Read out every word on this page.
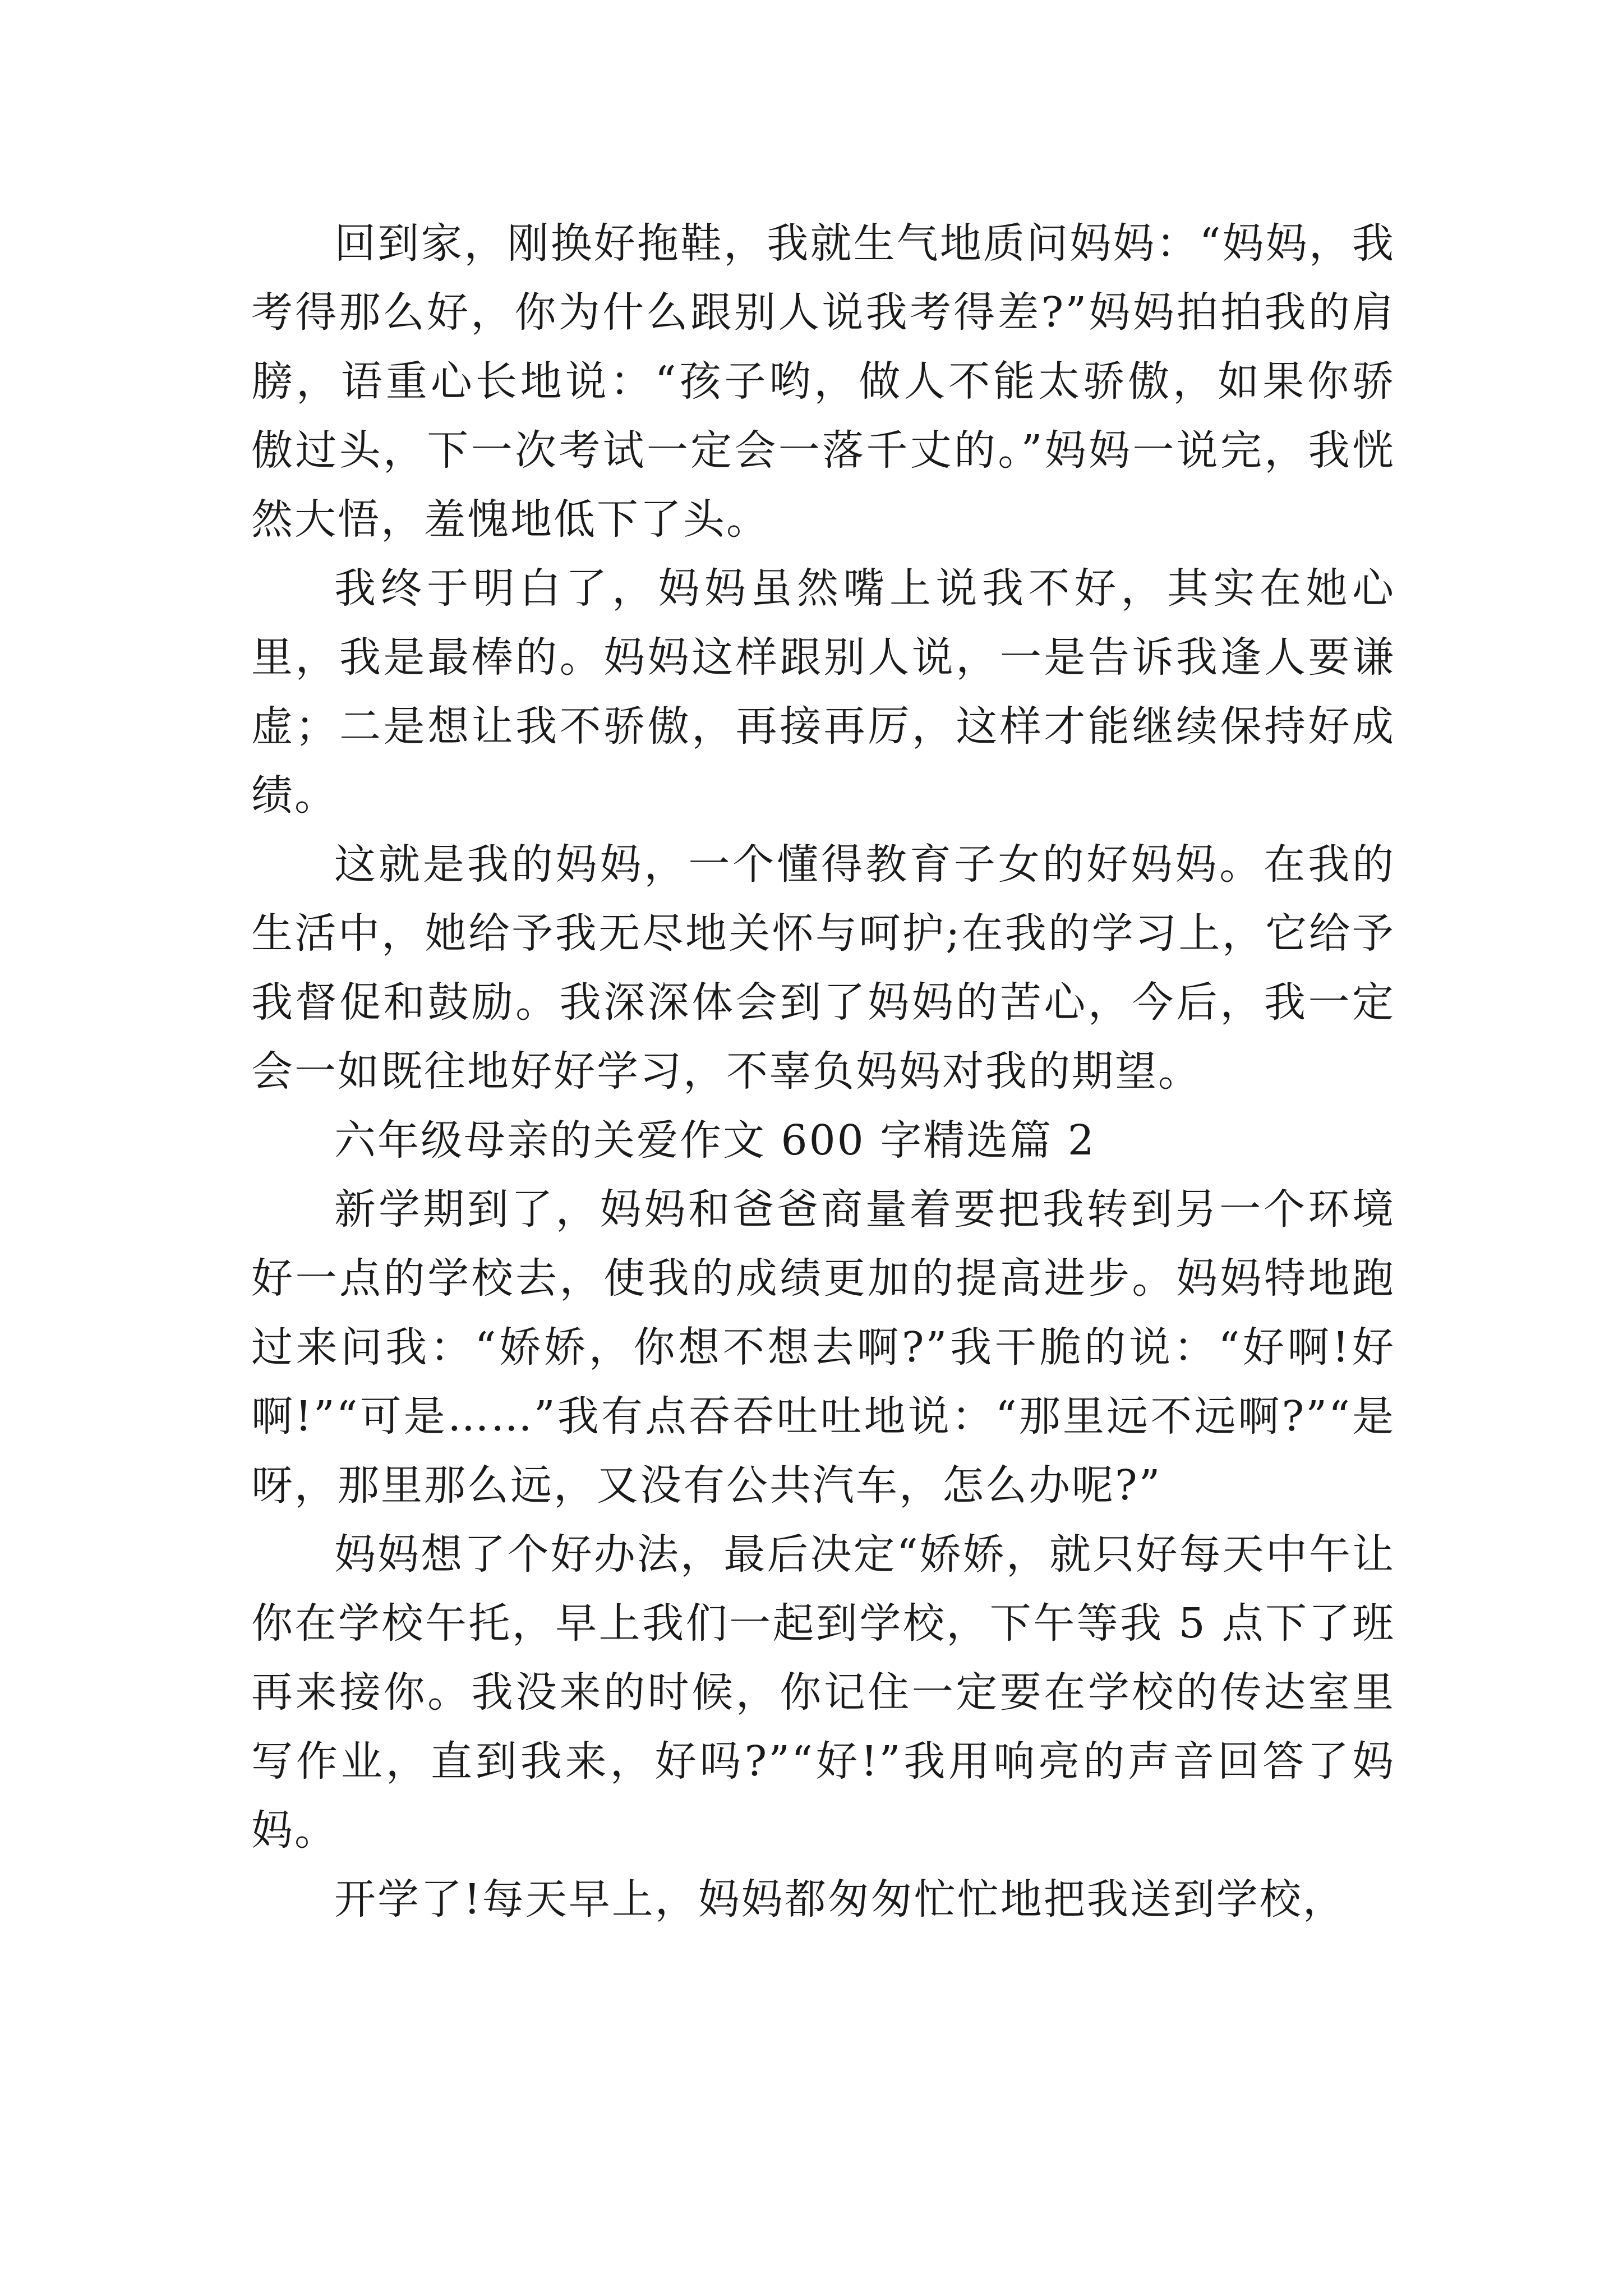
回到家，刚换好拖鞋，我就生气地质问妈妈：“妈妈，我考得那么好，你为什么跟别人说我考得差?”妈妈拍拍我的肩膀，语重心长地说：“孩子哟，做人不能太骄傲，如果你骄傲过头，下一次考试一定会一落千丈的。”妈妈一说完，我恍然大悟，羞愧地低下了头。

我终于明白了，妈妈虽然嘴上说我不好，其实在她心里，我是最棒的。妈妈这样跟别人说，一是告诉我逢人要谦虚；二是想让我不骄傲，再接再厉，这样才能继续保持好成绩。

这就是我的妈妈，一个懂得教育子女的好妈妈。在我的生活中，她给予我无尽地关怀与呵护;在我的学习上，它给予我督促和鼓励。我深深体会到了妈妈的苦心，今后，我一定会一如既往地好好学习，不辜负妈妈对我的期望。

六年级母亲的关爱作文 600 字精选篇 2

新学期到了，妈妈和爸爸商量着要把我转到另一个环境好一点的学校去，使我的成绩更加的提高进步。妈妈特地跑过来问我：“娇娇，你想不想去啊?”我干脆的说：“好啊!好啊!”“可是……”我有点吞吞吐吐地说：“那里远不远啊?”“是呀，那里那么远，又没有公共汽车，怎么办呢?”

妈妈想了个好办法，最后决定“娇娇，就只好每天中午让你在学校午托，早上我们一起到学校，下午等我 5 点下了班再来接你。我没来的时候，你记住一定要在学校的传达室里写作业，直到我来，好吗?”“好!”我用响亮的声音回答了妈妈。

开学了!每天早上，妈妈都匆匆忙忙地把我送到学校，
